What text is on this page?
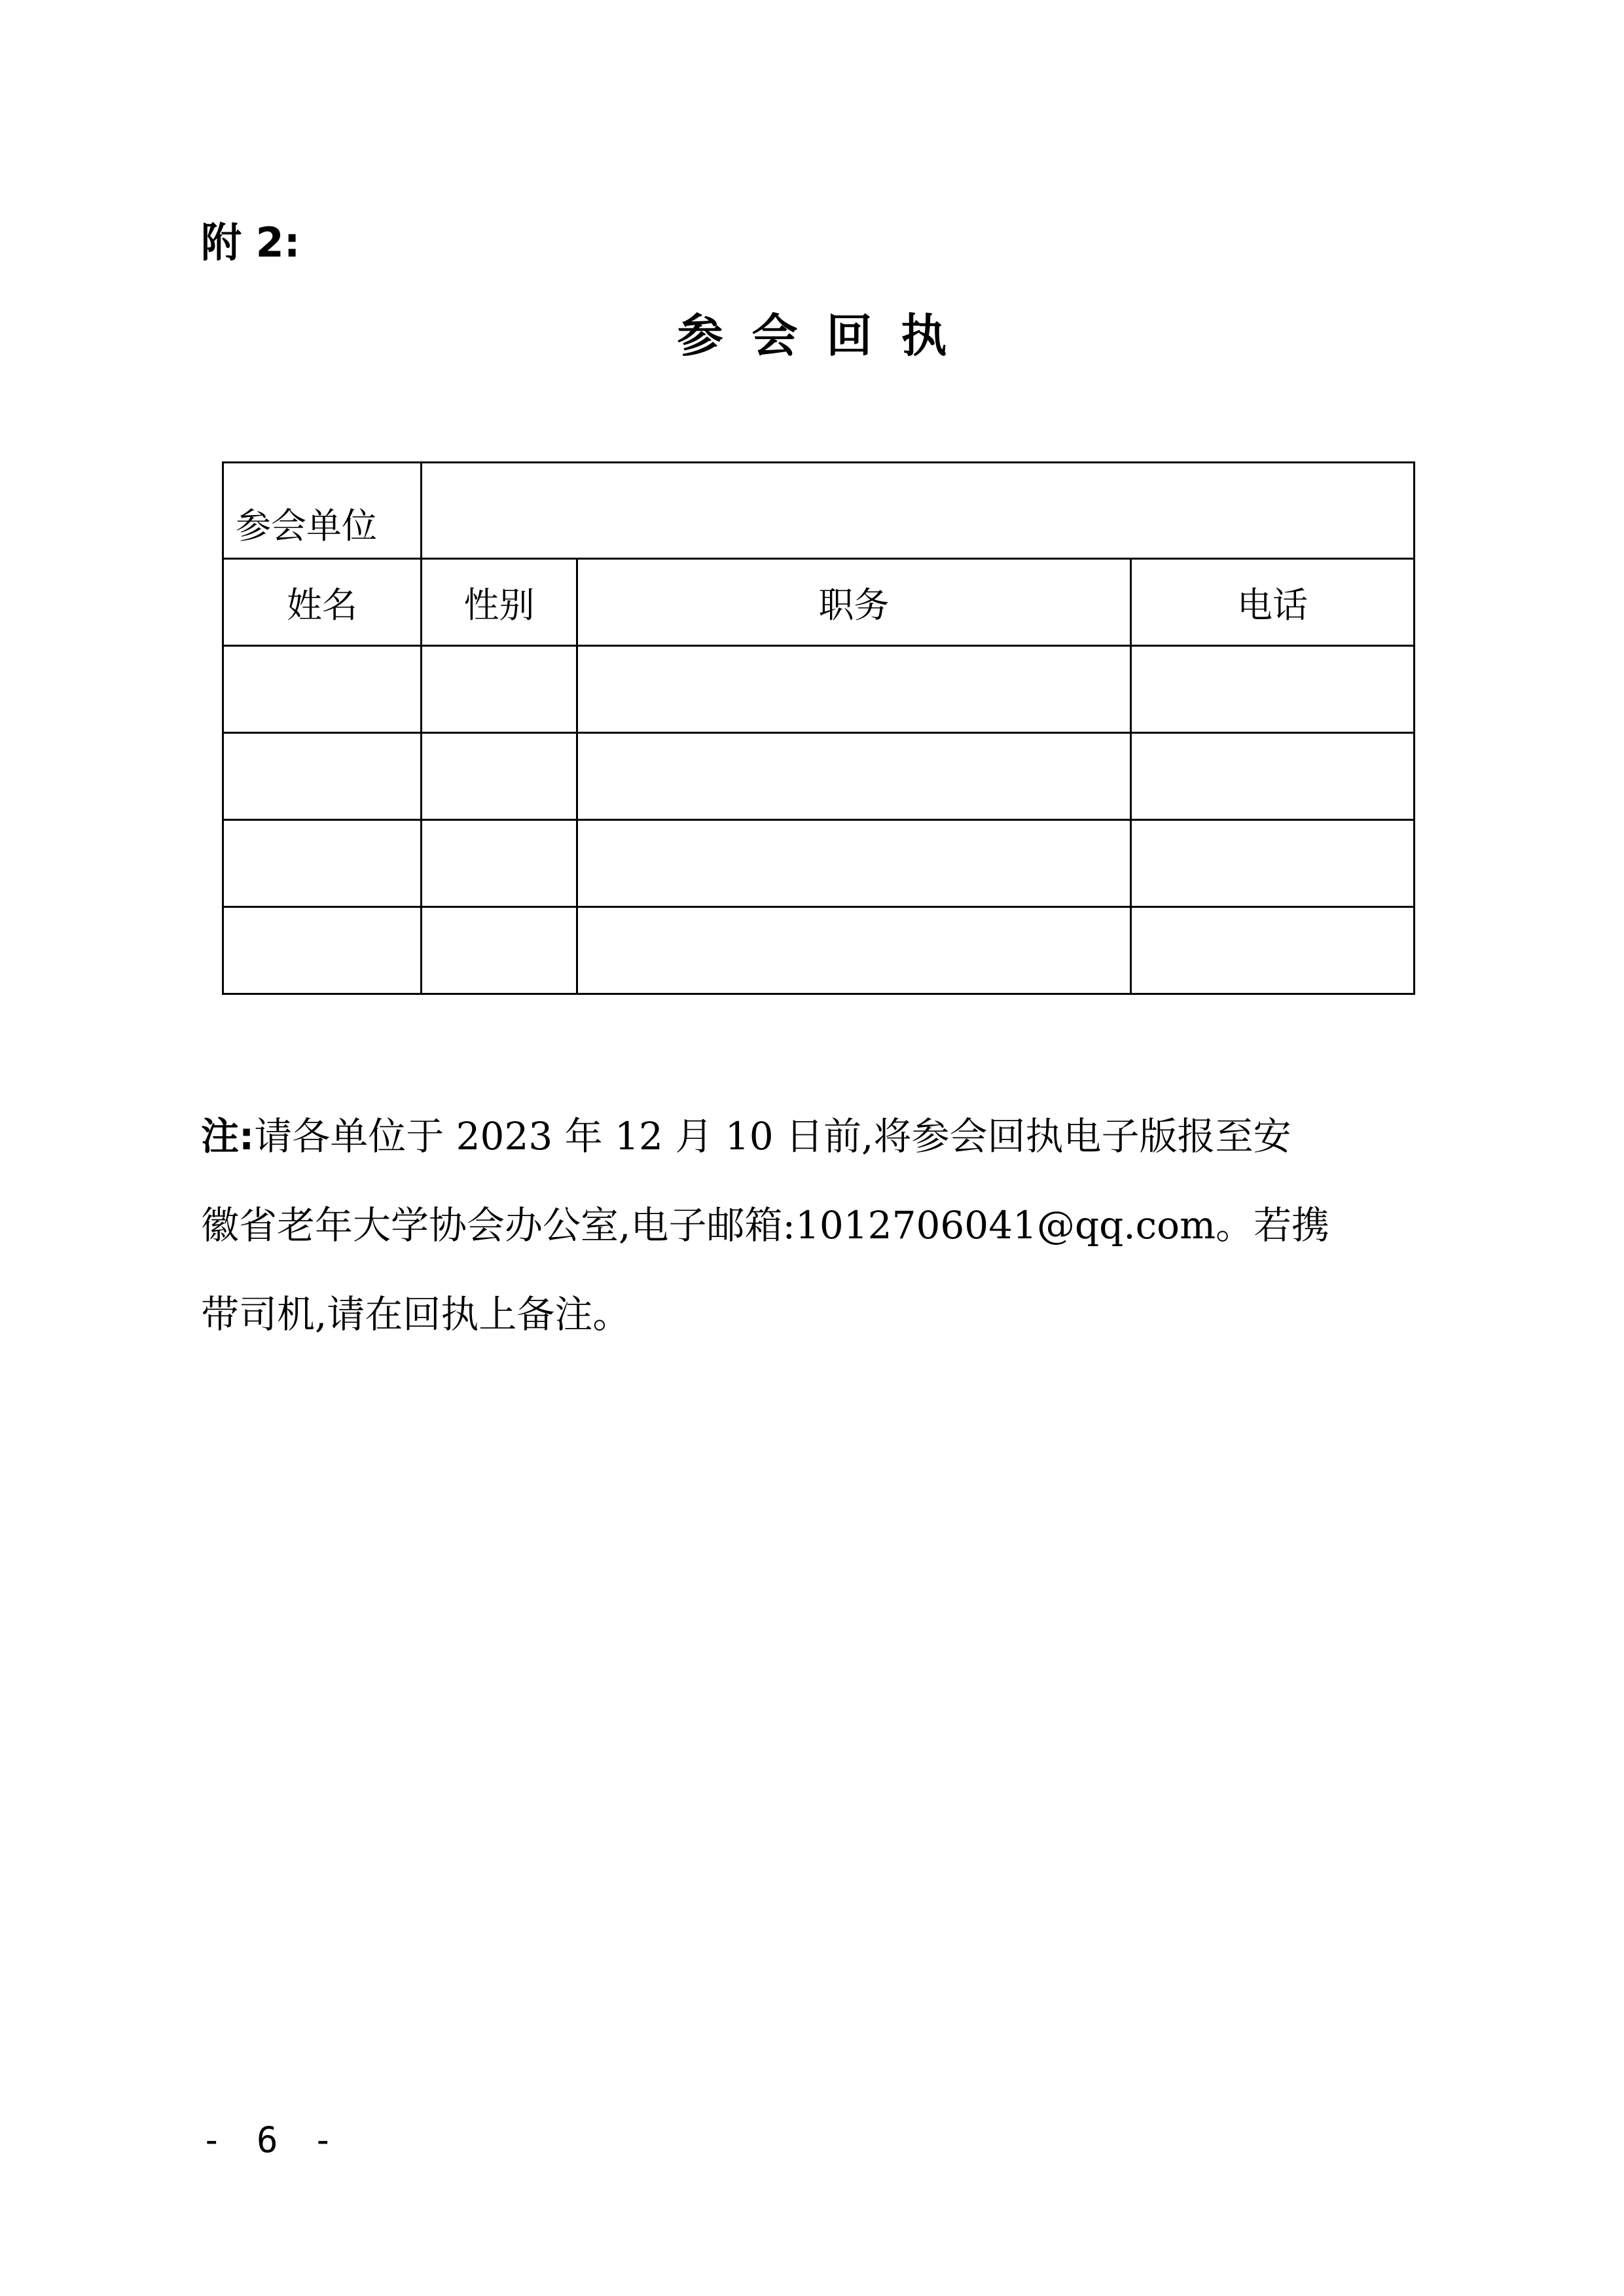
附 2:
参会回执
参会单位			
姓名	性别	职务	电话

注:请各单位于 2023 年 12 月 10 日前,将参会回执电子版报至安
徽省老年大学协会办公室,电子邮箱:1012706041@qq.com。若携
带司机,请在回执上备注。
- 6 -
